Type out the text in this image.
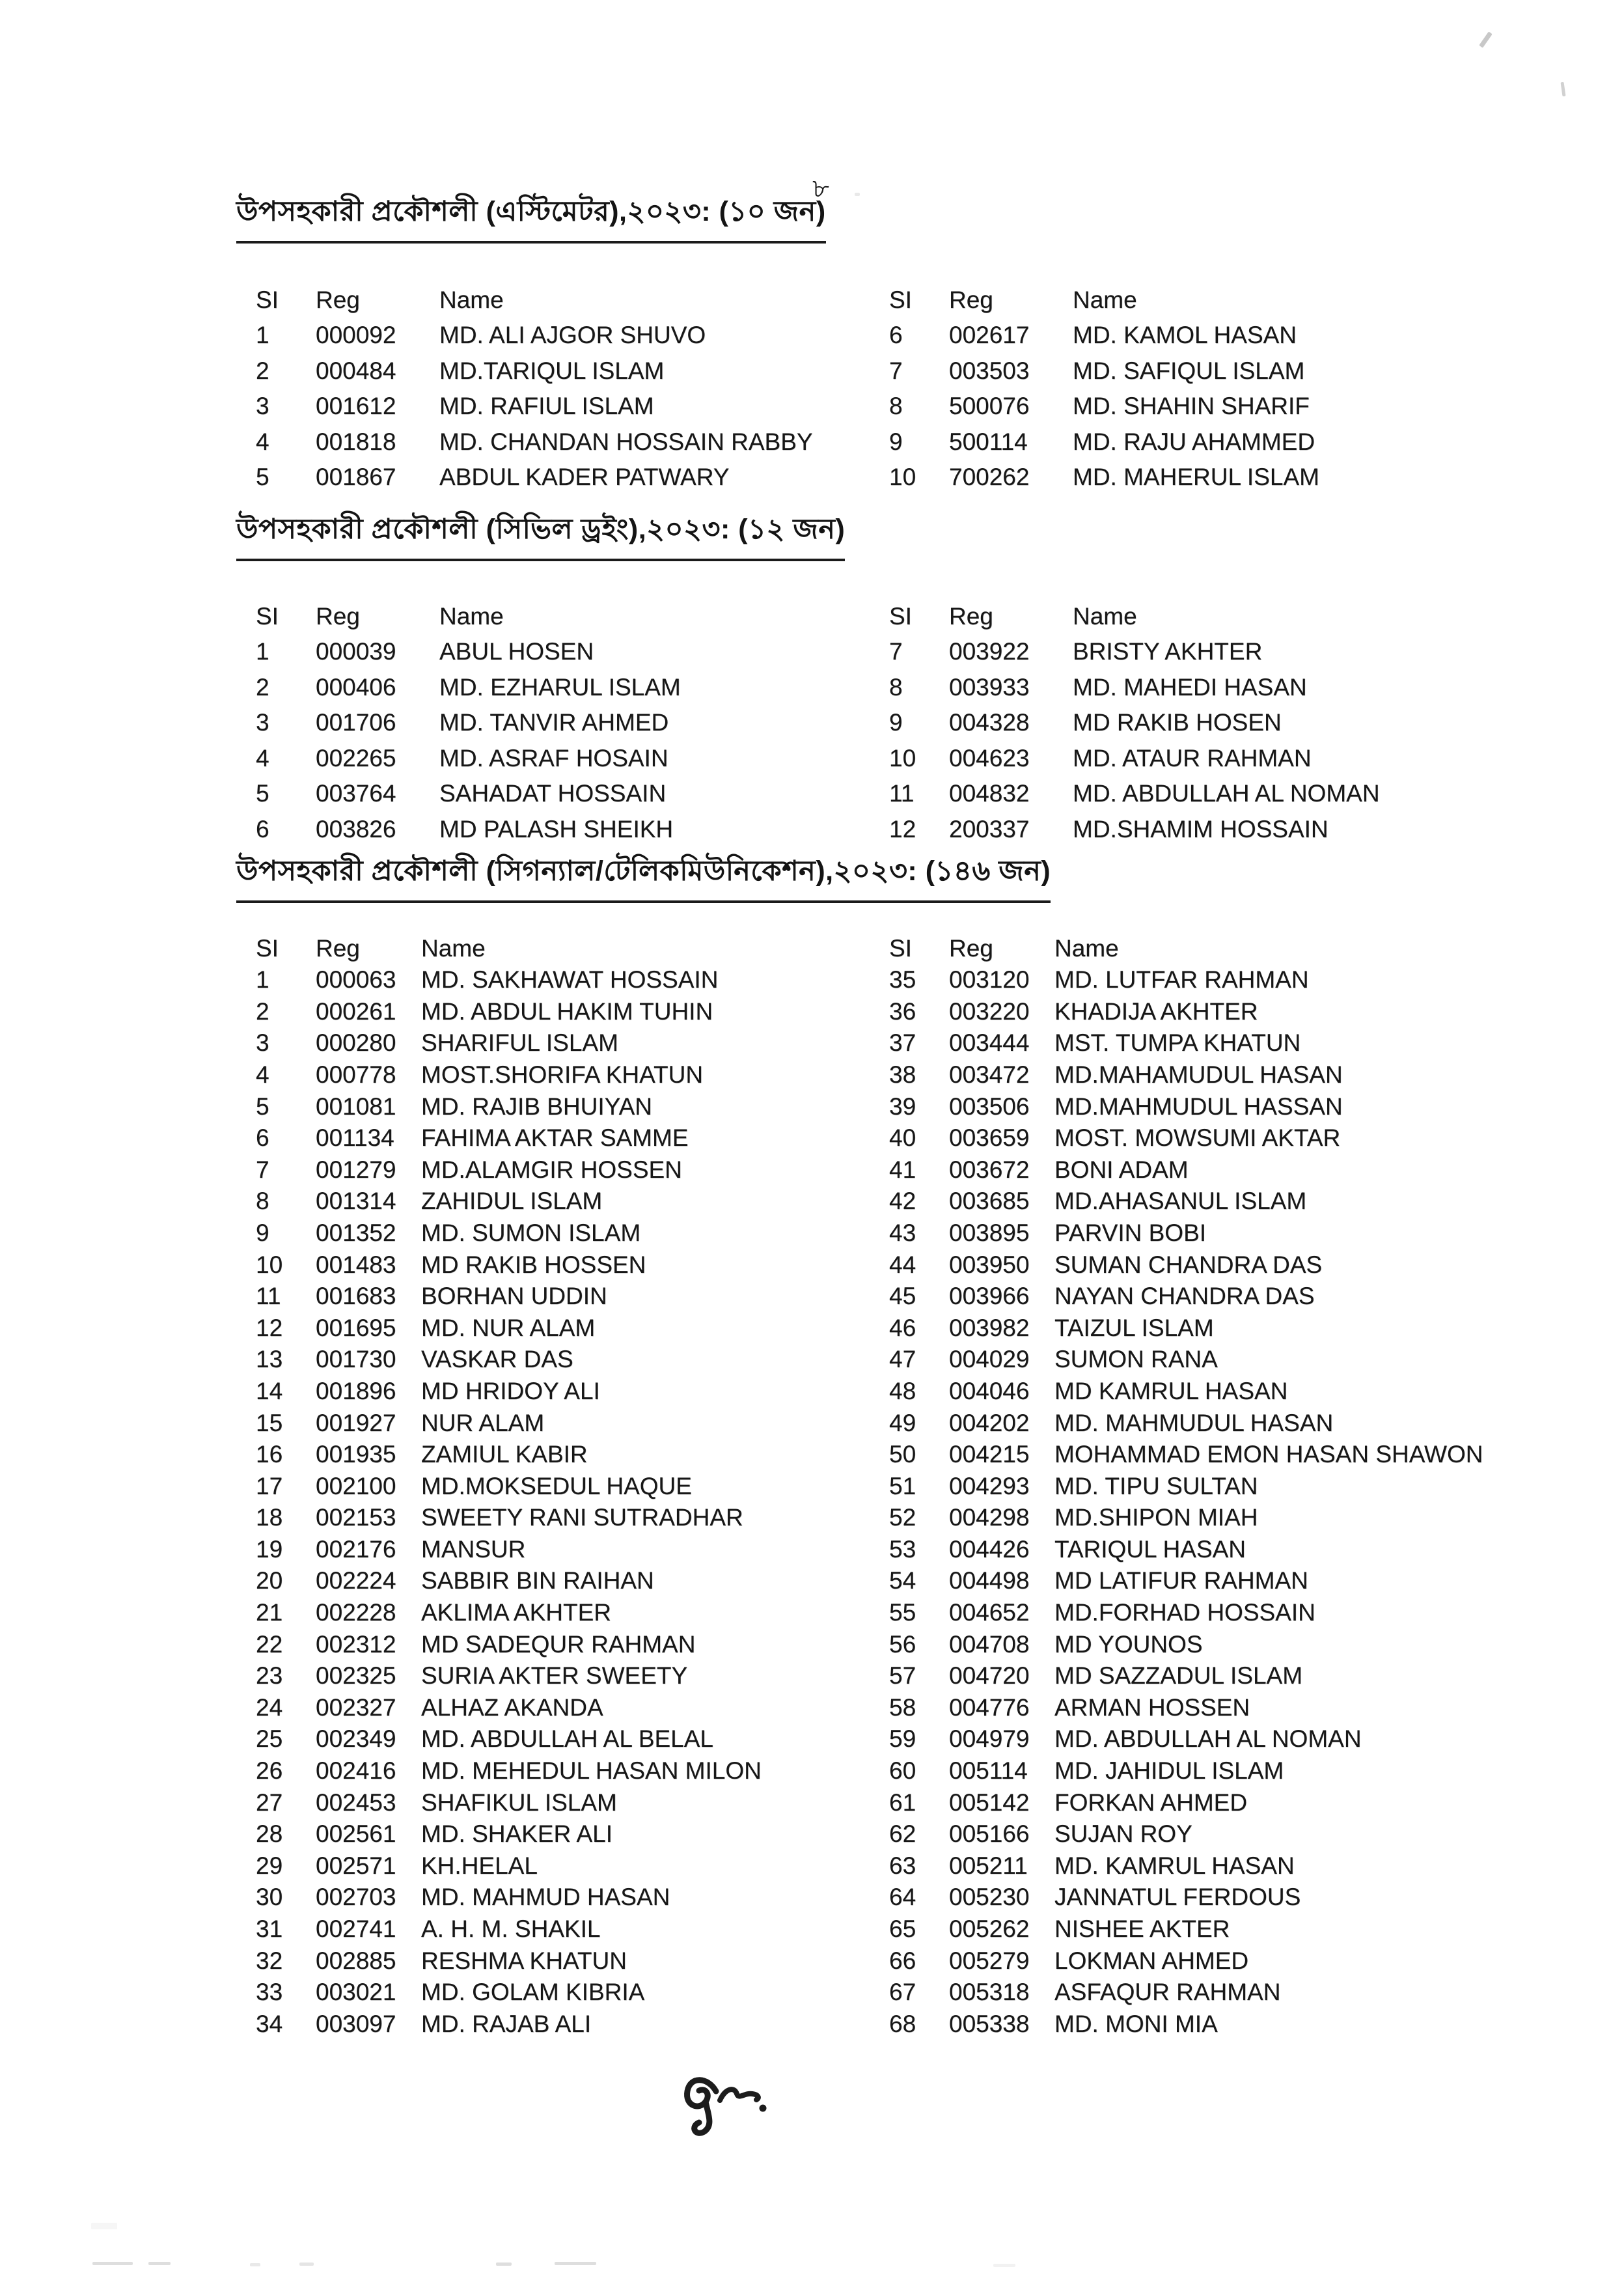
৮
উপসহকারী প্রকৌশলী (এস্টিমেটর),২০২৩: (১০ জন)
SI	Reg	Name
1	000092	MD. ALI AJGOR SHUVO
2	000484	MD.TARIQUL ISLAM
3	001612	MD. RAFIUL ISLAM
4	001818	MD. CHANDAN HOSSAIN RABBY
5	001867	ABDUL KADER PATWARY
SI	Reg	Name
6	002617	MD. KAMOL HASAN
7	003503	MD. SAFIQUL ISLAM
8	500076	MD. SHAHIN SHARIF
9	500114	MD. RAJU AHAMMED
10	700262	MD. MAHERUL ISLAM
উপসহকারী প্রকৌশলী (সিভিল ড্রইং),২০২৩: (১২ জন)
SI	Reg	Name
1	000039	ABUL HOSEN
2	000406	MD. EZHARUL ISLAM
3	001706	MD. TANVIR AHMED
4	002265	MD. ASRAF HOSAIN
5	003764	SAHADAT HOSSAIN
6	003826	MD PALASH SHEIKH
SI	Reg	Name
7	003922	BRISTY AKHTER
8	003933	MD. MAHEDI HASAN
9	004328	MD RAKIB HOSEN
10	004623	MD. ATAUR RAHMAN
11	004832	MD. ABDULLAH AL NOMAN
12	200337	MD.SHAMIM HOSSAIN
উপসহকারী প্রকৌশলী (সিগন্যাল/টেলিকমিউনিকেশন),২০২৩: (১৪৬ জন)
SI	Reg	Name
1	000063	MD. SAKHAWAT HOSSAIN
2	000261	MD. ABDUL HAKIM TUHIN
3	000280	SHARIFUL ISLAM
4	000778	MOST.SHORIFA KHATUN
5	001081	MD. RAJIB BHUIYAN
6	001134	FAHIMA AKTAR SAMME
7	001279	MD.ALAMGIR HOSSEN
8	001314	ZAHIDUL ISLAM
9	001352	MD. SUMON ISLAM
10	001483	MD RAKIB HOSSEN
11	001683	BORHAN UDDIN
12	001695	MD. NUR ALAM
13	001730	VASKAR DAS
14	001896	MD HRIDOY ALI
15	001927	NUR ALAM
16	001935	ZAMIUL KABIR
17	002100	MD.MOKSEDUL HAQUE
18	002153	SWEETY RANI SUTRADHAR
19	002176	MANSUR
20	002224	SABBIR BIN RAIHAN
21	002228	AKLIMA AKHTER
22	002312	MD SADEQUR RAHMAN
23	002325	SURIA AKTER SWEETY
24	002327	ALHAZ AKANDA
25	002349	MD. ABDULLAH AL BELAL
26	002416	MD. MEHEDUL HASAN MILON
27	002453	SHAFIKUL ISLAM
28	002561	MD. SHAKER ALI
29	002571	KH.HELAL
30	002703	MD. MAHMUD HASAN
31	002741	A. H. M. SHAKIL
32	002885	RESHMA KHATUN
33	003021	MD. GOLAM KIBRIA
34	003097	MD. RAJAB ALI
SI	Reg	Name
35	003120	MD. LUTFAR RAHMAN
36	003220	KHADIJA AKHTER
37	003444	MST. TUMPA KHATUN
38	003472	MD.MAHAMUDUL HASAN
39	003506	MD.MAHMUDUL HASSAN
40	003659	MOST. MOWSUMI AKTAR
41	003672	BONI ADAM
42	003685	MD.AHASANUL ISLAM
43	003895	PARVIN BOBI
44	003950	SUMAN CHANDRA DAS
45	003966	NAYAN CHANDRA DAS
46	003982	TAIZUL ISLAM
47	004029	SUMON RANA
48	004046	MD KAMRUL HASAN
49	004202	MD. MAHMUDUL HASAN
50	004215	MOHAMMAD EMON HASAN SHAWON
51	004293	MD. TIPU SULTAN
52	004298	MD.SHIPON MIAH
53	004426	TARIQUL HASAN
54	004498	MD LATIFUR RAHMAN
55	004652	MD.FORHAD HOSSAIN
56	004708	MD YOUNOS
57	004720	MD SAZZADUL ISLAM
58	004776	ARMAN HOSSEN
59	004979	MD. ABDULLAH AL NOMAN
60	005114	MD. JAHIDUL ISLAM
61	005142	FORKAN AHMED
62	005166	SUJAN ROY
63	005211	MD. KAMRUL HASAN
64	005230	JANNATUL FERDOUS
65	005262	NISHEE AKTER
66	005279	LOKMAN AHMED
67	005318	ASFAQUR RAHMAN
68	005338	MD. MONI MIA
